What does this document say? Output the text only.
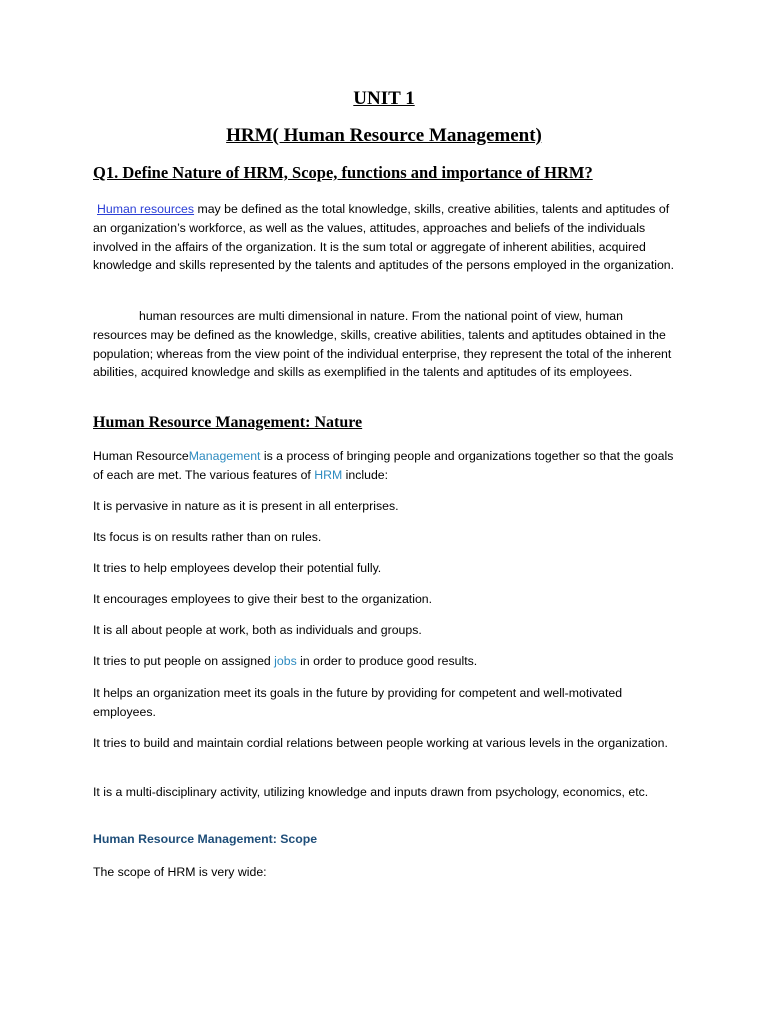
UNIT 1
HRM( Human Resource Management)
Q1. Define Nature of HRM, Scope, functions and importance of HRM?

Human resources may be defined as the total knowledge, skills, creative abilities, talents and aptitudes of an organization’s workforce, as well as the values, attitudes, approaches and beliefs of the individuals involved in the affairs of the organization. It is the sum total or aggregate of inherent abilities, acquired knowledge and skills represented by the talents and aptitudes of the persons employed in the organization.

human resources are multi dimensional in nature. From the national point of view, human resources may be defined as the knowledge, skills, creative abilities, talents and aptitudes obtained in the population; whereas from the view point of the individual enterprise, they represent the total of the inherent abilities, acquired knowledge and skills as exemplified in the talents and aptitudes of its employees.

Human Resource Management: Nature

Human ResourceManagement is a process of bringing people and organizations together so that the goals of each are met. The various features of HRM include:

It is pervasive in nature as it is present in all enterprises.

Its focus is on results rather than on rules.

It tries to help employees develop their potential fully.

It encourages employees to give their best to the organization.

It is all about people at work, both as individuals and groups.

It tries to put people on assigned jobs in order to produce good results.

It helps an organization meet its goals in the future by providing for competent and well-motivated employees.

It tries to build and maintain cordial relations between people working at various levels in the organization.

It is a multi-disciplinary activity, utilizing knowledge and inputs drawn from psychology, economics, etc.

Human Resource Management: Scope

The scope of HRM is very wide:
